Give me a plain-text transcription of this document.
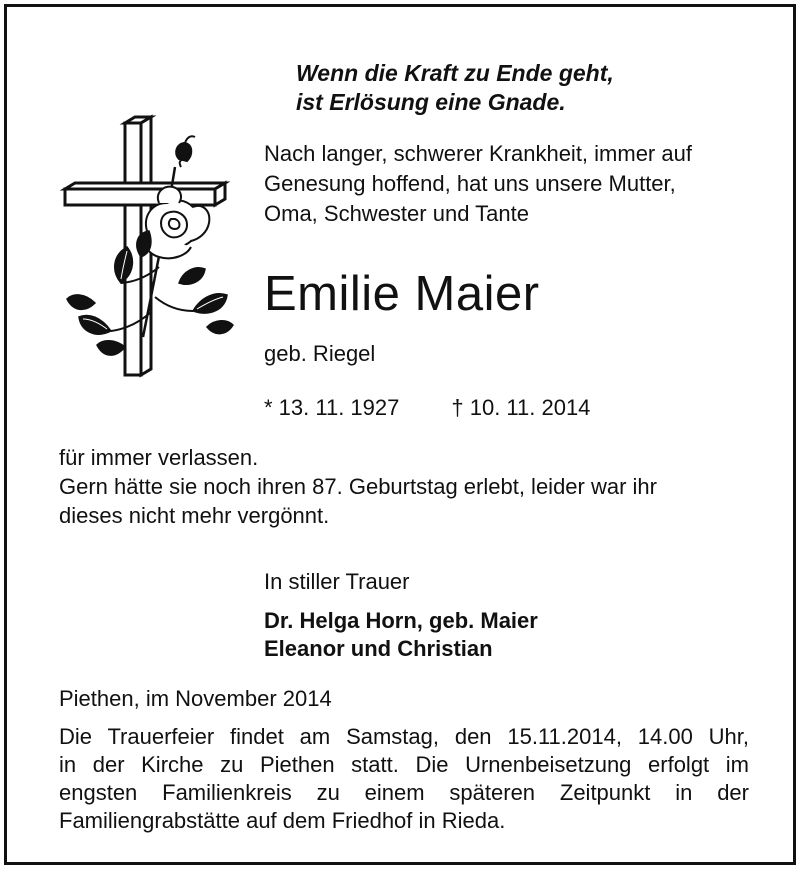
Wenn die Kraft zu Ende geht,
ist Erlösung eine Gnade.

Nach langer, schwerer Krankheit, immer auf
Genesung hoffend, hat uns unsere Mutter,
Oma, Schwester und Tante

Emilie Maier

geb. Riegel

* 13. 11. 1927 † 10. 11. 2014

für immer verlassen.
Gern hätte sie noch ihren 87. Geburtstag erlebt, leider war ihr
dieses nicht mehr vergönnt.

In stiller Trauer

Dr. Helga Horn, geb. Maier
Eleanor und Christian

Piethen, im November 2014

Die Trauerfeier findet am Samstag, den 15.11.2014, 14.00 Uhr,
in der Kirche zu Piethen statt. Die Urnenbeisetzung erfolgt im
engsten Familienkreis zu einem späteren Zeitpunkt in der
Familiengrabstätte auf dem Friedhof in Rieda.
